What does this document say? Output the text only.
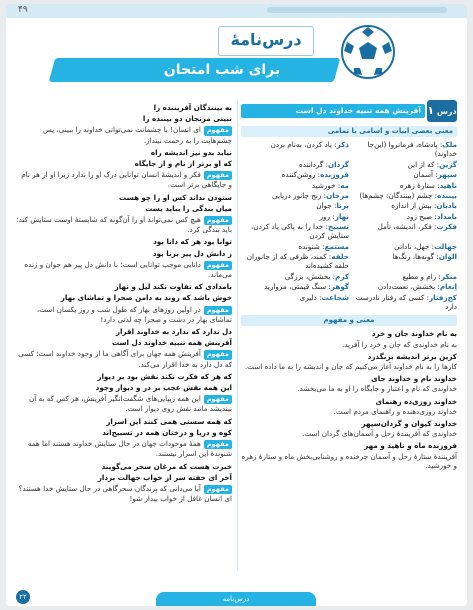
۴۹
برای شب امتحان
درس‌نامهٔ
آفرینش همه تنبیه خداوند دل است	درس ۱
معنی بعضی ابیات و اسامی با تمامی
ملک: پادشاه، فرمانروا (این‌جا خداوند)
ذکر: یاد کردن، به‌نام بردن
گزین: که از این
گردان: گرداننده
سپهر: آسمان
فروزنده: روشن‌کننده
ناهید: ستارهٔ زهره
مه: خورشید
بیننده: چشم (بینندگان: چشم‌ها)
مرجان: رنج جانور دریایی
بادبان: بیش از اندازه
برنا: جوان
بامداد: صبح زود
نهار: روز
فکرت: فکر، اندیشه، تأمل
تسبیح: خدا را به پاکی یاد کردن، ستایش کردن
جهالت: جهل، نادانی
مستمع: شنونده
الوان: گونه‌ها، رنگ‌ها
حلقه: کمند، ظرفی که از جانوران حلقه کشیده‌اند
منکر: رام و مطیع
کرم: بخشش، بزرگی
اِنعام: بخشش، نعمت‌دادن
گوهر: سنگ قیمتی، مروارید
کج‌رفتار: کسی که رفتار نادرست دارد
شجاعت: دلیری
معنی و مفهوم
به نام خداوند جان و خرد
به نام خداوندی که جان و خرد را آفرید.
کزین برتر اندیشه برنگذرد
کارها را به نام خداوند آغاز می‌کنیم که جان و اندیشه را به ما داده است.
خداوند نام و خداوند جای
خداوندی که نام و اعتبار و جایگاه را او به ما می‌بخشد.
خداوند روزی‌ده رهنمای
خداوند روزی‌دهنده و راهنمای مردم است.
خداوند کیوان و گردان‌سپهر
خداوندی که آفرینندهٔ زحل و آسمان‌های گردان است.
فروزنده ماه و ناهید و مهر
آفرینندهٔ ستارهٔ زحل و آسمان چرخنده و روشنایی‌بخش ماه و ستارهٔ زهره و خورشید.
به بینندگان آفریننده را
نبینی مرنجان دو بیننده را
مفهومای انسان! با چشمانت نمی‌توانی خداوند را ببینی، پس چشم‌هایت را به زحمت نینداز.
نیابد بدو نیز اندیشه راه
که او برتر از نام و از جایگاه
مفهومفکر و اندیشهٔ انسان توانایی درک او را ندارد زیرا او از هر نام و جایگاهی برتر است.
ستودن نداند کس او را چو هست
میان بندگی را بباید بست
مفهومهیچ کس نمی‌تواند او را آن‌گونه که شایستهٔ اوست ستایش کند؛ باید بندگی کرد.
توانا بود هر که دانا بود
ز دانش دل پیر برنا بود
مفهومدانایی موجب توانایی است؛ با دانش دل پیر هم جوان و زنده می‌ماند.
بامدادی که تفاوت نکند لیل و نهار
خوش باشد که روند به دامن صحرا و تماشای بهار
مفهومدر اولین روزهای بهار که طول شب و روز یکسان است، تماشای بهار در دشت و صحرا چه لذتی دارد!
دل ندارد که ندارد به خداوند اقرار
آفرینش همه تنبیه خداوند دل است
مفهومآفرینش همه جهان برای آگاهی ما از وجود خداوند است؛ کسی که دل دارد به خدا اقرار می‌کند.
که هر که فکرت نکند نقش بود بر دیوار
این همه نقش عجب بر در و دیوار وجود
مفهوماین همه زیبایی‌های شگفت‌انگیز آفرینش، هر کس که به آن نیندیشد مانند نقش روی دیوار است.
که همه سستی همی کنند این اسرار
کوه و دریا و درختان همه در تسبیح‌اند
مفهومهمهٔ موجودات جهان در حال ستایش خداوند هستند اما همه شنوندهٔ این اسرار نیستند.
خبرت هست که مرغان سحر می‌گویند
آخر ای خفته سر از خواب جهالت بردار
مفهومآیا می‌دانی که پرندگان سحرگاهی در حال ستایش خدا هستند؟ ای انسان غافل از خواب بیدار شو!
درس‌نامه
۲۲
